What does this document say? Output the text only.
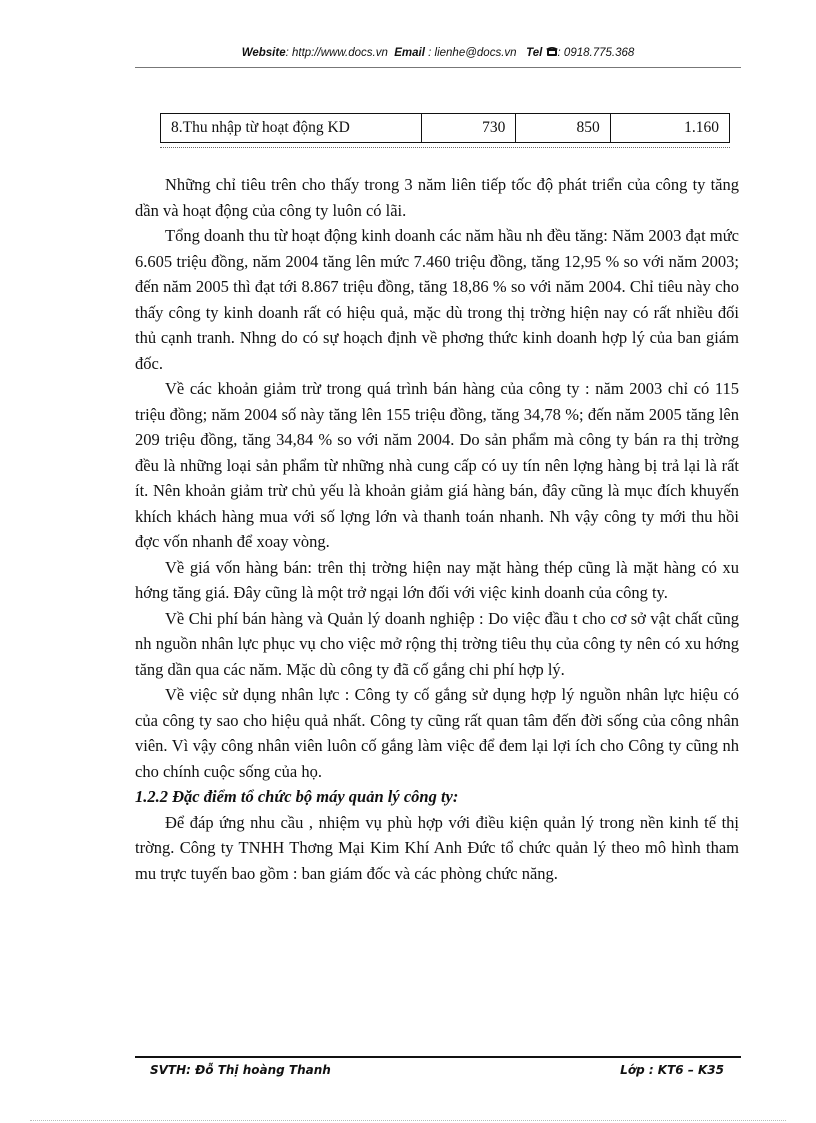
Website: http://www.docs.vn Email : lienhe@docs.vn Tel : 0918.775.368
8.Thu nhập từ hoạt động KD	730	850	1.160

Những chỉ tiêu trên cho thấy trong 3 năm liên tiếp tốc độ phát triển của công ty tăng dần và hoạt động của công ty luôn có lãi.

Tổng doanh thu từ hoạt động kinh doanh các năm hầu nh đều tăng: Năm 2003 đạt mức 6.605 triệu đồng, năm 2004 tăng lên mức 7.460 triệu đồng, tăng 12,95 % so với năm 2003; đến năm 2005 thì đạt tới 8.867 triệu đồng, tăng 18,86 % so với năm 2004. Chỉ tiêu này cho thấy công ty kinh doanh rất có hiệu quả, mặc dù trong thị trờng hiện nay có rất nhiều đối thủ cạnh tranh. Nhng do có sự hoạch định về phơng thức kinh doanh hợp lý của ban giám đốc.

Về các khoản giảm trừ trong quá trình bán hàng của công ty : năm 2003 chỉ có 115 triệu đồng; năm 2004 số này tăng lên 155 triệu đồng, tăng 34,78 %; đến năm 2005 tăng lên 209 triệu đồng, tăng 34,84 % so với năm 2004. Do sản phẩm mà công ty bán ra thị trờng đều là những loại sản phẩm từ những nhà cung cấp có uy tín nên lợng hàng bị trả lại là rất ít. Nên khoản giảm trừ chủ yếu là khoản giảm giá hàng bán, đây cũng là mục đích khuyến khích khách hàng mua với số lợng lớn và thanh toán nhanh. Nh vậy công ty mới thu hồi đợc vốn nhanh để xoay vòng.

Về giá vốn hàng bán: trên thị trờng hiện nay mặt hàng thép cũng là mặt hàng có xu hớng tăng giá. Đây cũng là một trở ngại lớn đối với việc kinh doanh của công ty.

Về Chi phí bán hàng và Quản lý doanh nghiệp : Do việc đầu t cho cơ sở vật chất cũng nh nguồn nhân lực phục vụ cho việc mở rộng thị trờng tiêu thụ của công ty nên có xu hớng tăng dần qua các năm. Mặc dù công ty đã cố gắng chi phí hợp lý.

Về việc sử dụng nhân lực : Công ty cố gắng sử dụng hợp lý nguồn nhân lực hiệu có của công ty sao cho hiệu quả nhất. Công ty cũng rất quan tâm đến đời sống của công nhân viên. Vì vậy công nhân viên luôn cố gắng làm việc để đem lại lợi ích cho Công ty cũng nh cho chính cuộc sống của họ.

1.2.2 Đặc điểm tổ chức bộ máy quản lý công ty:

Để đáp ứng nhu cầu , nhiệm vụ phù hợp với điều kiện quản lý trong nền kinh tế thị trờng. Công ty TNHH Thơng Mại Kim Khí Anh Đức tổ chức quản lý theo mô hình tham mu trực tuyến bao gồm : ban giám đốc và các phòng chức năng.

SVTH: Đỗ Thị hoàng Thanh	Lớp : KT6 – K35
